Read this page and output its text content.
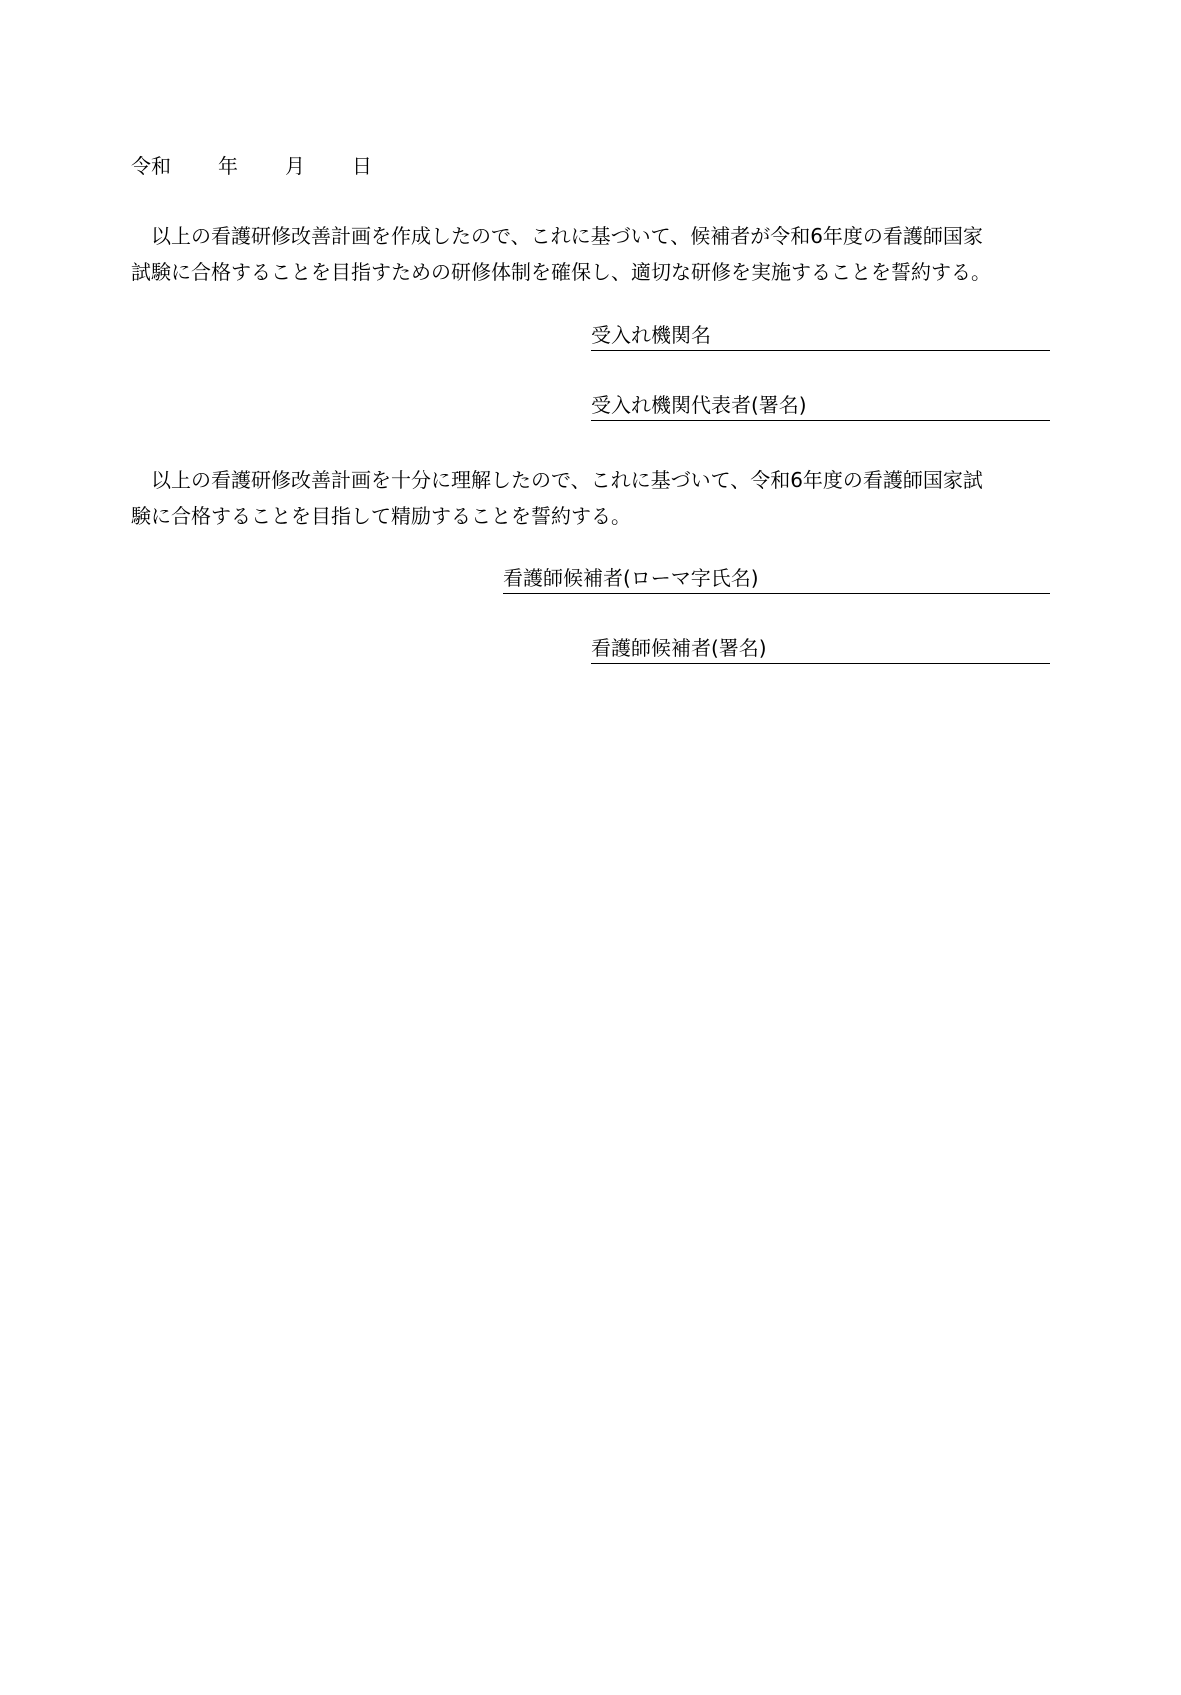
令和 年 月 日
以上の看護研修改善計画を作成したので、これに基づいて、候補者が令和6年度の看護師国家
試験に合格することを目指すための研修体制を確保し、適切な研修を実施することを誓約する。
受入れ機関名
受入れ機関代表者(署名)
以上の看護研修改善計画を十分に理解したので、これに基づいて、令和6年度の看護師国家試
験に合格することを目指して精励することを誓約する。
看護師候補者(ローマ字氏名)
看護師候補者(署名)
